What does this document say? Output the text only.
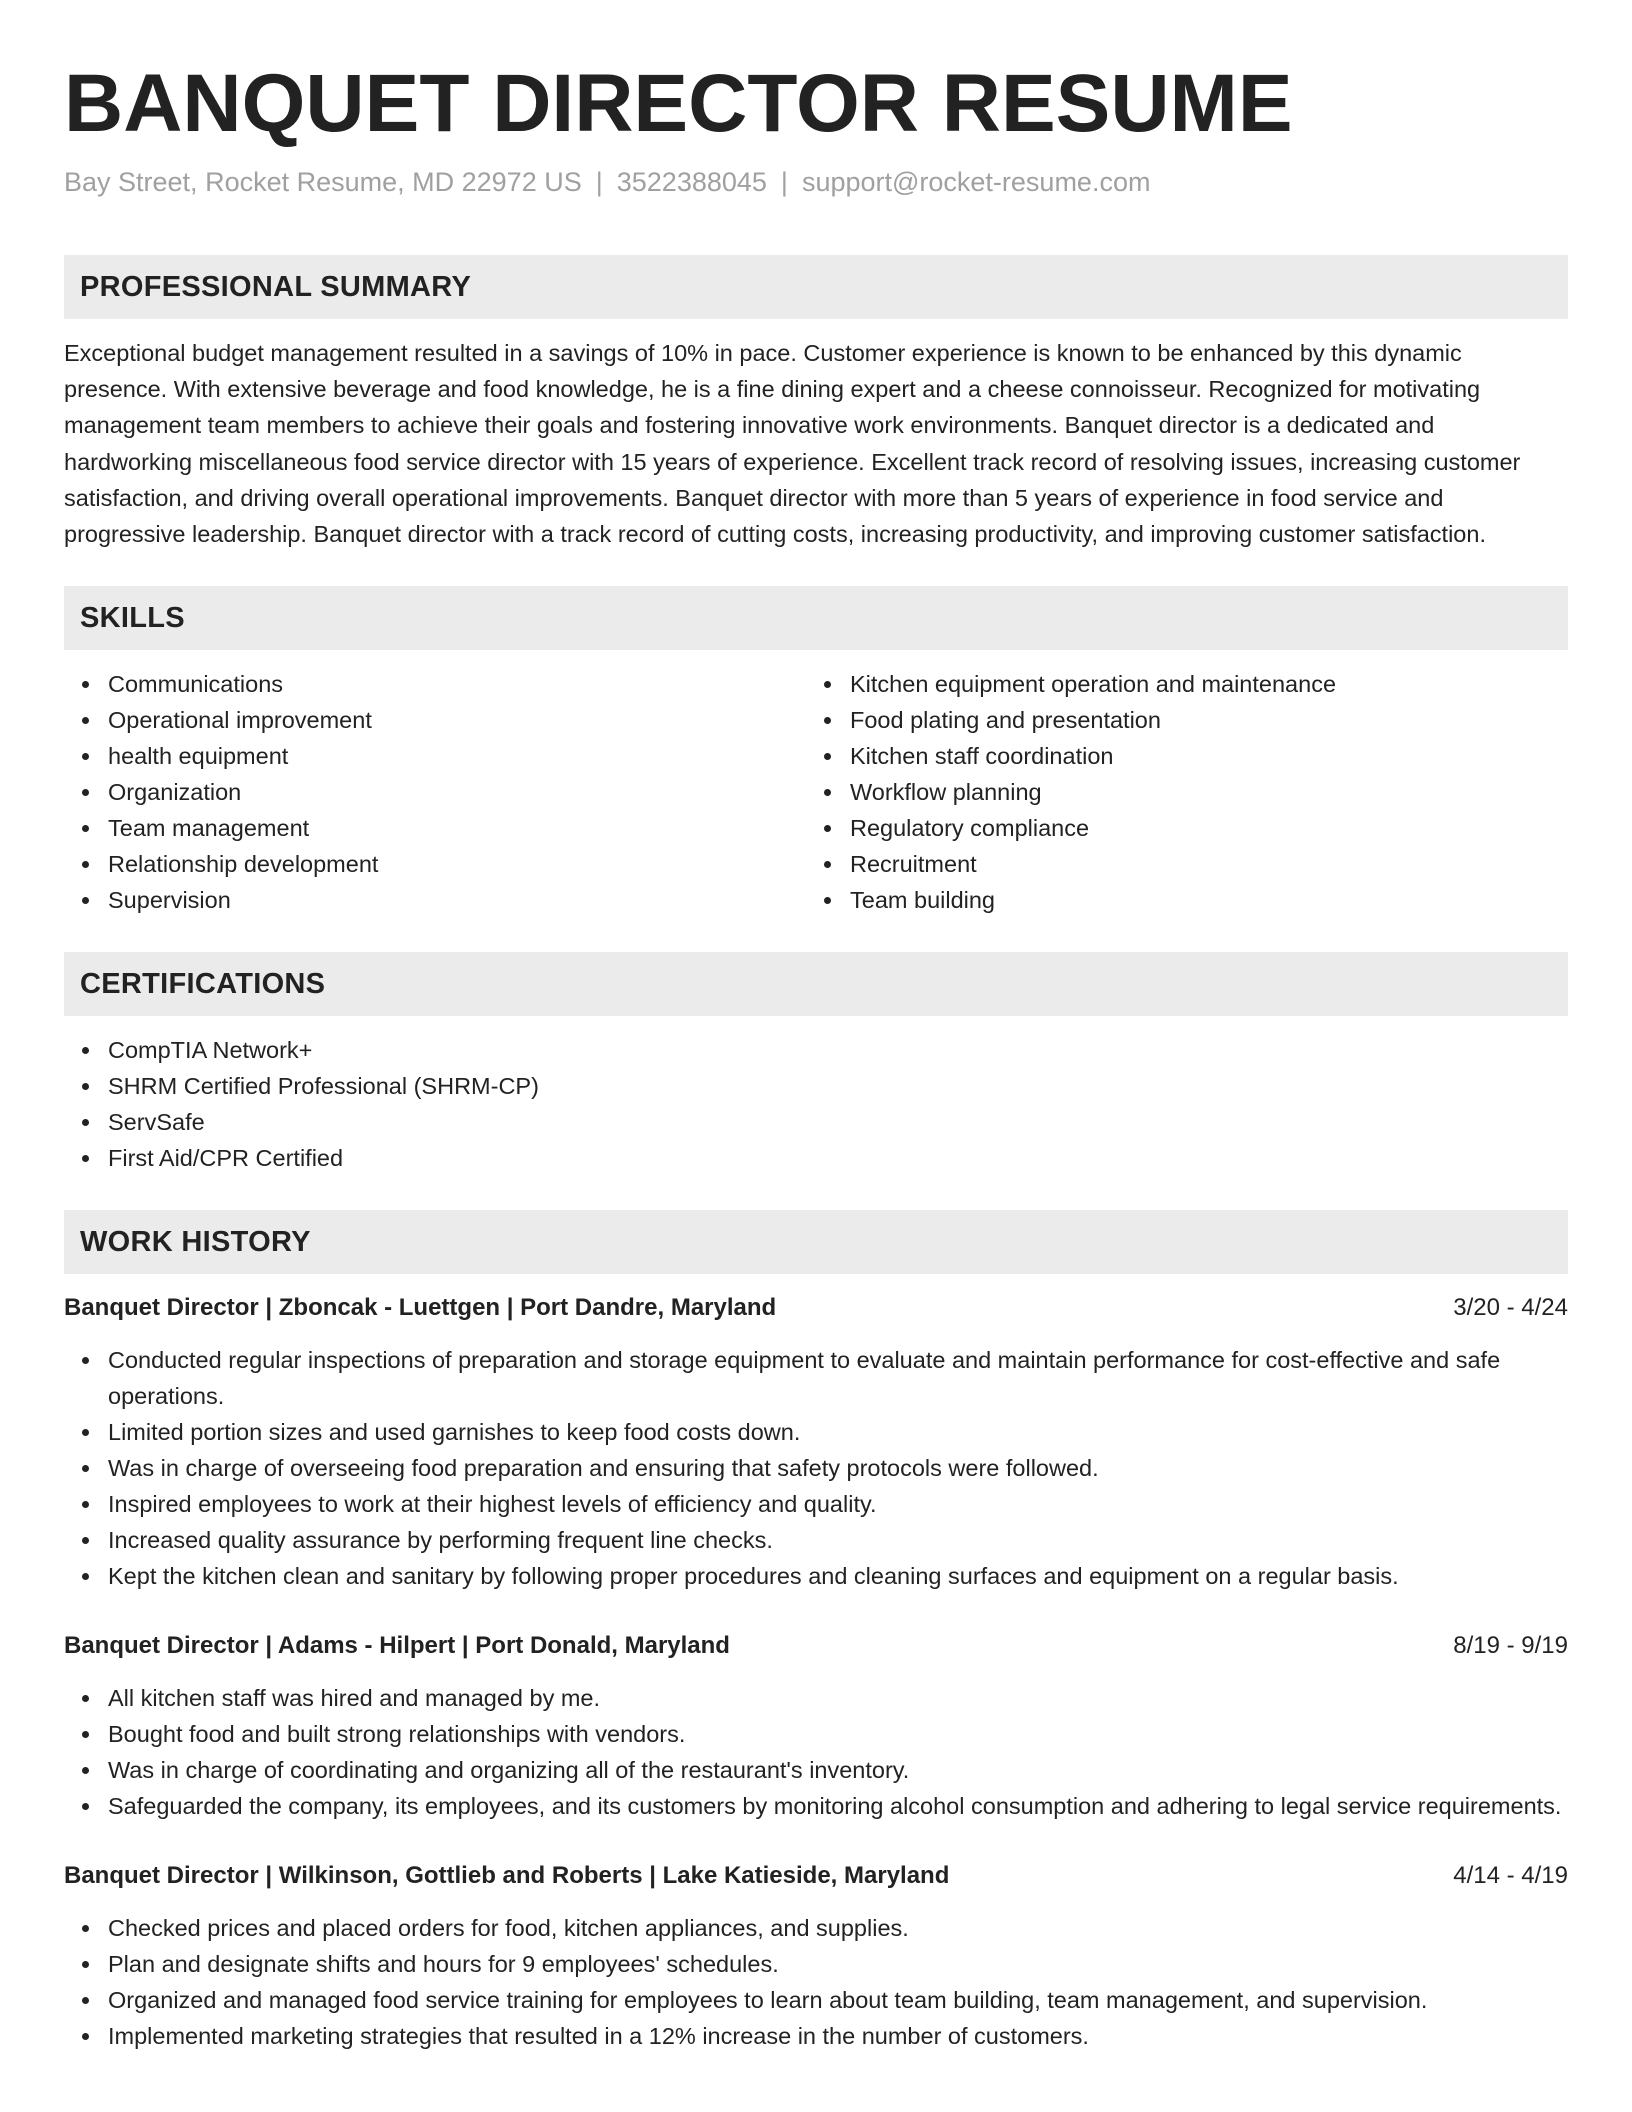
BANQUET DIRECTOR RESUME
Bay Street, Rocket Resume, MD 22972 US | 3522388045 | support@rocket-resume.com
PROFESSIONAL SUMMARY

Exceptional budget management resulted in a savings of 10% in pace. Customer experience is known to be enhanced by this dynamic presence. With extensive beverage and food knowledge, he is a fine dining expert and a cheese connoisseur. Recognized for motivating management team members to achieve their goals and fostering innovative work environments. Banquet director is a dedicated and hardworking miscellaneous food service director with 15 years of experience. Excellent track record of resolving issues, increasing customer satisfaction, and driving overall operational improvements. Banquet director with more than 5 years of experience in food service and progressive leadership. Banquet director with a track record of cutting costs, increasing productivity, and improving customer satisfaction.

SKILLS
Communications
Operational improvement
health equipment
Organization
Team management
Relationship development
Supervision
Kitchen equipment operation and maintenance
Food plating and presentation
Kitchen staff coordination
Workflow planning
Regulatory compliance
Recruitment
Team building
CERTIFICATIONS
CompTIA Network+
SHRM Certified Professional (SHRM-CP)
ServSafe
First Aid/CPR Certified
WORK HISTORY
Banquet Director | Zboncak - Luettgen | Port Dandre, Maryland	3/20 - 4/24
Conducted regular inspections of preparation and storage equipment to evaluate and maintain performance for cost-effective and safe operations.
Limited portion sizes and used garnishes to keep food costs down.
Was in charge of overseeing food preparation and ensuring that safety protocols were followed.
Inspired employees to work at their highest levels of efficiency and quality.
Increased quality assurance by performing frequent line checks.
Kept the kitchen clean and sanitary by following proper procedures and cleaning surfaces and equipment on a regular basis.
Banquet Director | Adams - Hilpert | Port Donald, Maryland	8/19 - 9/19
All kitchen staff was hired and managed by me.
Bought food and built strong relationships with vendors.
Was in charge of coordinating and organizing all of the restaurant's inventory.
Safeguarded the company, its employees, and its customers by monitoring alcohol consumption and adhering to legal service requirements.
Banquet Director | Wilkinson, Gottlieb and Roberts | Lake Katieside, Maryland	4/14 - 4/19
Checked prices and placed orders for food, kitchen appliances, and supplies.
Plan and designate shifts and hours for 9 employees' schedules.
Organized and managed food service training for employees to learn about team building, team management, and supervision.
Implemented marketing strategies that resulted in a 12% increase in the number of customers.
